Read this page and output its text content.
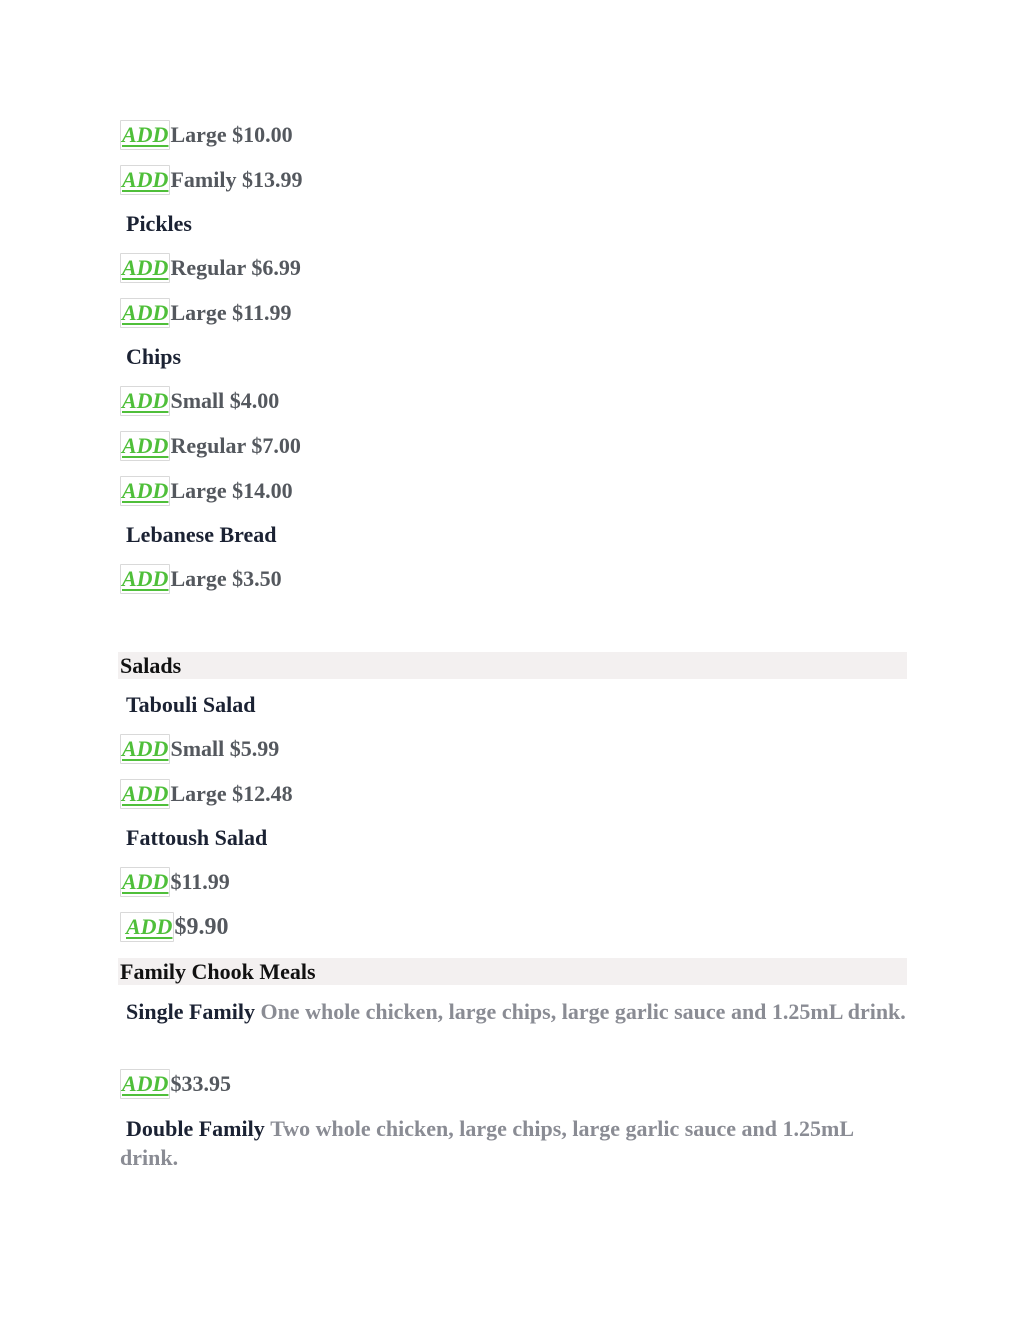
ADD Large $10.00
ADD Family $13.99
Pickles
ADD Regular $6.99
ADD Large $11.99
Chips
ADD Small $4.00
ADD Regular $7.00
ADD Large $14.00
Lebanese Bread
ADD Large $3.50
Salads
Tabouli Salad
ADD Small $5.99
ADD Large $12.48
Fattoush Salad
ADD $11.99
ADD $9.90
Family Chook Meals
Single Family One whole chicken, large chips, large garlic sauce and 1.25mL drink.
ADD $33.95
Double Family Two whole chicken, large chips, large garlic sauce and 1.25mL drink.
